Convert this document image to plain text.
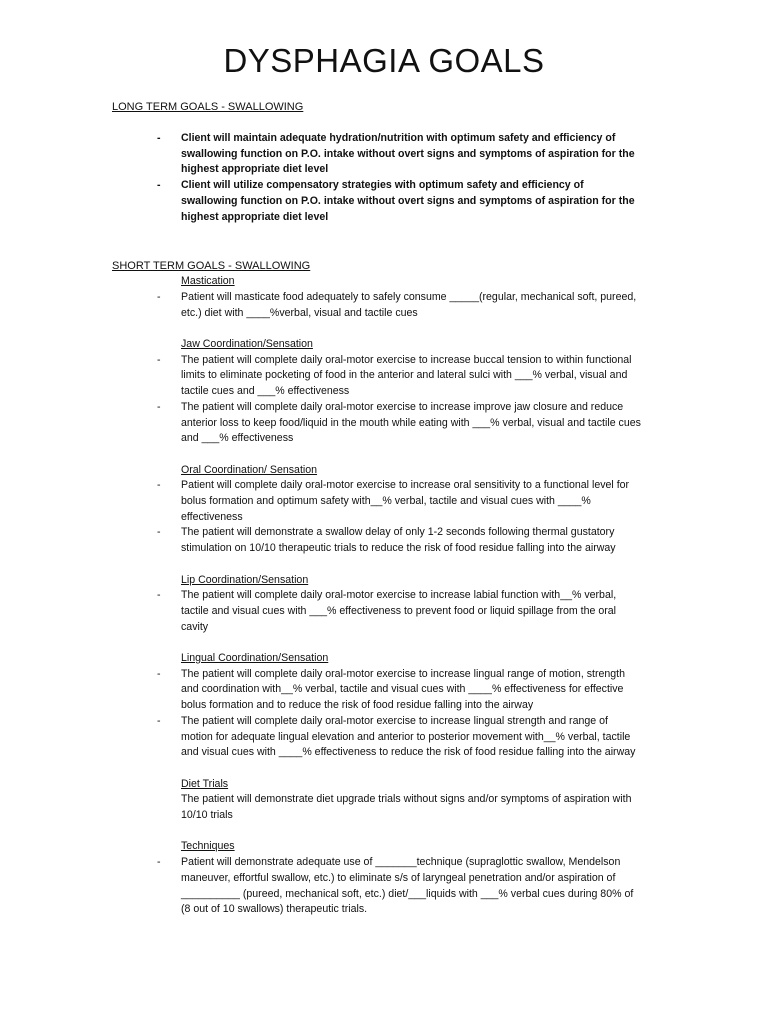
DYSPHAGIA GOALS
LONG TERM GOALS - SWALLOWING
- Client will maintain adequate hydration/nutrition with optimum safety and efficiency of swallowing function on P.O. intake without overt signs and symptoms of aspiration for the highest appropriate diet level
- Client will utilize compensatory strategies with optimum safety and efficiency of swallowing function on P.O. intake without overt signs and symptoms of aspiration for the highest appropriate diet level
SHORT TERM GOALS - SWALLOWING
Mastication
- Patient will masticate food adequately to safely consume _____(regular, mechanical soft, pureed, etc.) diet with ____%verbal, visual and tactile cues
Jaw Coordination/Sensation
- The patient will complete daily oral-motor exercise to increase buccal tension to within functional limits to eliminate pocketing of food in the anterior and lateral sulci with ___% verbal, visual and tactile cues and ___% effectiveness
- The patient will complete daily oral-motor exercise to increase improve jaw closure and reduce anterior loss to keep food/liquid in the mouth while eating with ___% verbal, visual and tactile cues and ___% effectiveness
Oral Coordination/ Sensation
- Patient will complete daily oral-motor exercise to increase oral sensitivity to a functional level for bolus formation and optimum safety with__% verbal, tactile and visual cues with ____% effectiveness
- The patient will demonstrate a swallow delay of only 1-2 seconds following thermal gustatory stimulation on 10/10 therapeutic trials to reduce the risk of food residue falling into the airway
Lip Coordination/Sensation
- The patient will complete daily oral-motor exercise to increase labial function with__% verbal, tactile and visual cues with ___% effectiveness to prevent food or liquid spillage from the oral cavity
Lingual Coordination/Sensation
- The patient will complete daily oral-motor exercise to increase lingual range of motion, strength and coordination with__% verbal, tactile and visual cues with ____% effectiveness for effective bolus formation and to reduce the risk of food residue falling into the airway
- The patient will complete daily oral-motor exercise to increase lingual strength and range of motion for adequate lingual elevation and anterior to posterior movement with__% verbal, tactile and visual cues with ____% effectiveness to reduce the risk of food residue falling into the airway
Diet Trials
The patient will demonstrate diet upgrade trials without signs and/or symptoms of aspiration with 10/10 trials
Techniques
- Patient will demonstrate adequate use of _______technique (supraglottic swallow, Mendelson maneuver, effortful swallow, etc.) to eliminate s/s of laryngeal penetration and/or aspiration of __________ (pureed, mechanical soft, etc.) diet/___liquids with ___% verbal cues during 80% of (8 out of 10 swallows) therapeutic trials.
